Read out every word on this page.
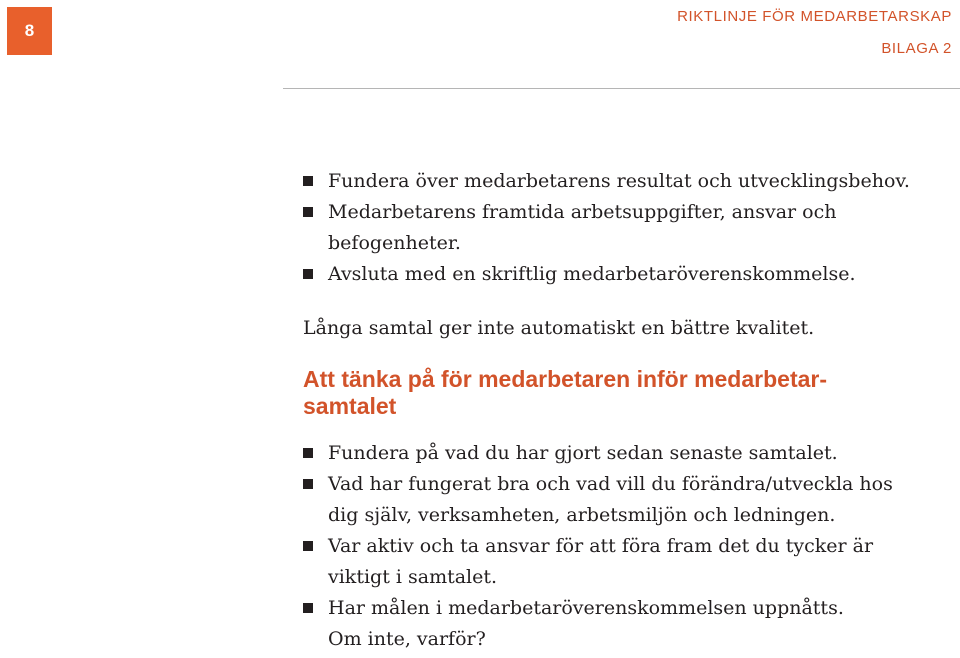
8
RIKTLINJE FÖR MEDARBETARSKAP
BILAGA 2
Fundera över medarbetarens resultat och utvecklingsbehov.
Medarbetarens framtida arbetsuppgifter, ansvar och
befogenheter.
Avsluta med en skriftlig medarbetaröverenskommelse.

Långa samtal ger inte automatiskt en bättre kvalitet.

Att tänka på för medarbetaren inför medarbetar-
samtalet
Fundera på vad du har gjort sedan senaste samtalet.
Vad har fungerat bra och vad vill du förändra/utveckla hos
dig själv, verksamheten, arbetsmiljön och ledningen.
Var aktiv och ta ansvar för att föra fram det du tycker är
viktigt i samtalet.
Har målen i medarbetaröverenskommelsen uppnåtts.
Om inte, varför?
